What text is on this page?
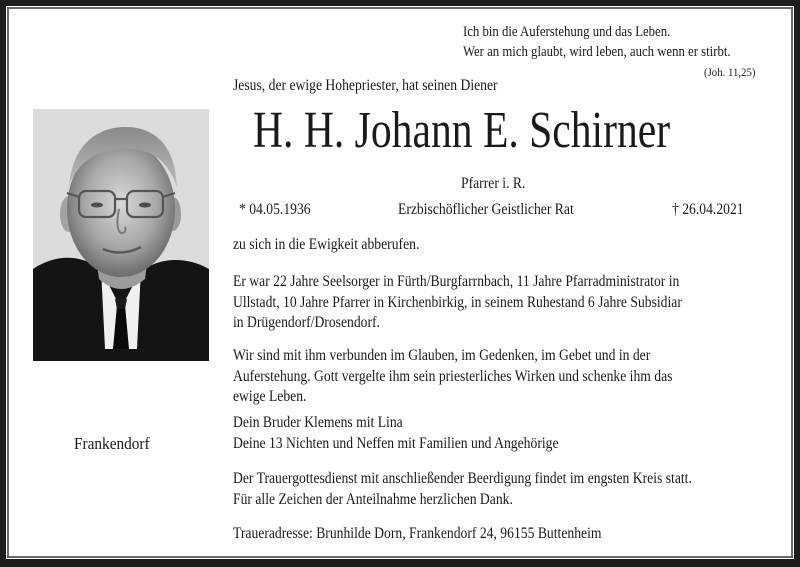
Ich bin die Auferstehung und das Leben.
Wer an mich glaubt, wird leben, auch wenn er stirbt.
(Joh. 11,25)
Jesus, der ewige Hohepriester, hat seinen Diener
H. H. Johann E. Schirner
Pfarrer i. R.
* 04.05.1936	Erzbischöflicher Geistlicher Rat	† 26.04.2021
zu sich in die Ewigkeit abberufen.
Er war 22 Jahre Seelsorger in Fürth/Burgfarrnbach, 11 Jahre Pfarradministrator in
Ullstadt, 10 Jahre Pfarrer in Kirchenbirkig, in seinem Ruhestand 6 Jahre Subsidiar
in Drügendorf/Drosendorf.
Wir sind mit ihm verbunden im Glauben, im Gedenken, im Gebet und in der
Auferstehung. Gott vergelte ihm sein priesterliches Wirken und schenke ihm das
ewige Leben.
Dein Bruder Klemens mit Lina
Deine 13 Nichten und Neffen mit Familien und Angehörige
Der Trauergottesdienst mit anschließender Beerdigung findet im engsten Kreis statt.
Für alle Zeichen der Anteilnahme herzlichen Dank.
Traueradresse: Brunhilde Dorn, Frankendorf 24, 96155 Buttenheim
Frankendorf
